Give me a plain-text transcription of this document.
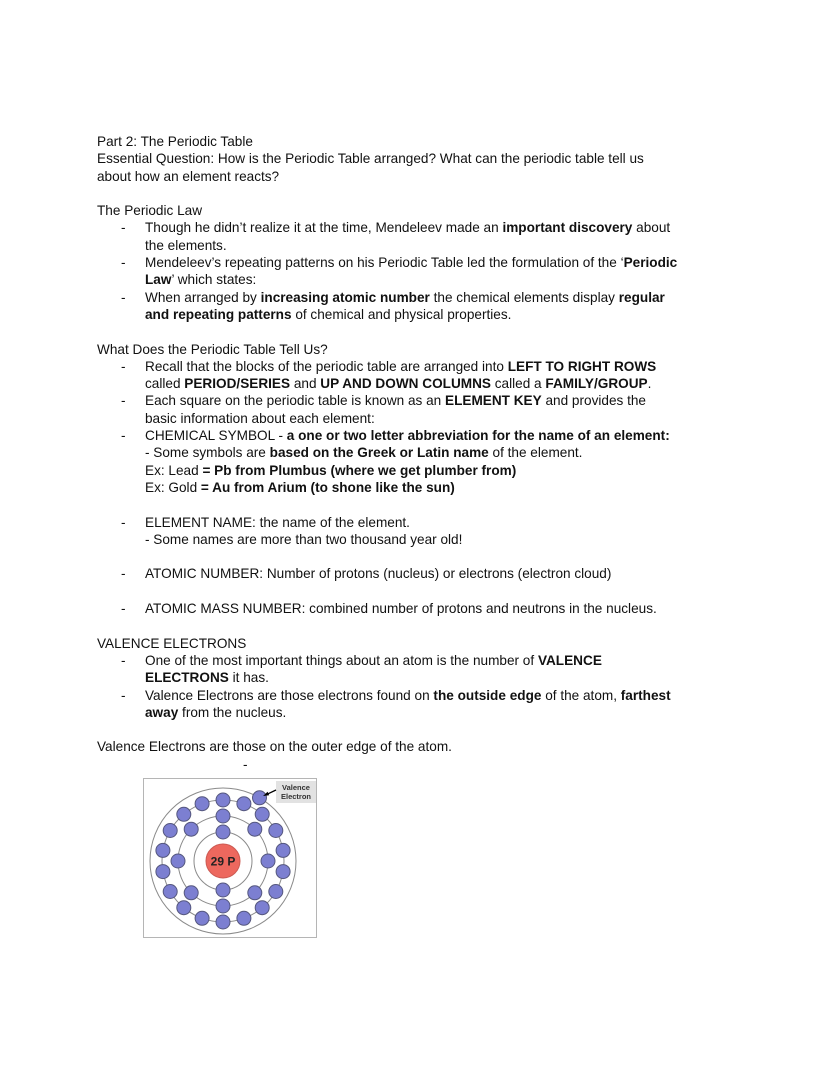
Part 2: The Periodic Table
Essential Question: How is the Periodic Table arranged? What can the periodic table tell us
about how an element reacts?

The Periodic Law
- Though he didn’t realize it at the time, Mendeleev made an important discovery about
the elements.
- Mendeleev’s repeating patterns on his Periodic Table led the formulation of the ‘Periodic
Law’ which states:
- When arranged by increasing atomic number the chemical elements display regular
and repeating patterns of chemical and physical properties.

What Does the Periodic Table Tell Us?
- Recall that the blocks of the periodic table are arranged into LEFT TO RIGHT ROWS
called PERIOD/SERIES and UP AND DOWN COLUMNS called a FAMILY/GROUP.
- Each square on the periodic table is known as an ELEMENT KEY and provides the
basic information about each element:
- CHEMICAL SYMBOL - a one or two letter abbreviation for the name of an element:
- Some symbols are based on the Greek or Latin name of the element.
Ex: Lead = Pb from Plumbus (where we get plumber from)
Ex: Gold = Au from Arium (to shone like the sun)

- ELEMENT NAME: the name of the element.
- Some names are more than two thousand year old!

- ATOMIC NUMBER: Number of protons (nucleus) or electrons (electron cloud)

- ATOMIC MASS NUMBER: combined number of protons and neutrons in the nucleus.

VALENCE ELECTRONS
- One of the most important things about an atom is the number of VALENCE
ELECTRONS it has.
- Valence Electrons are those electrons found on the outside edge of the atom, farthest
away from the nucleus.

Valence Electrons are those on the outer edge of the atom.
-
29 P
Valence
Electron
